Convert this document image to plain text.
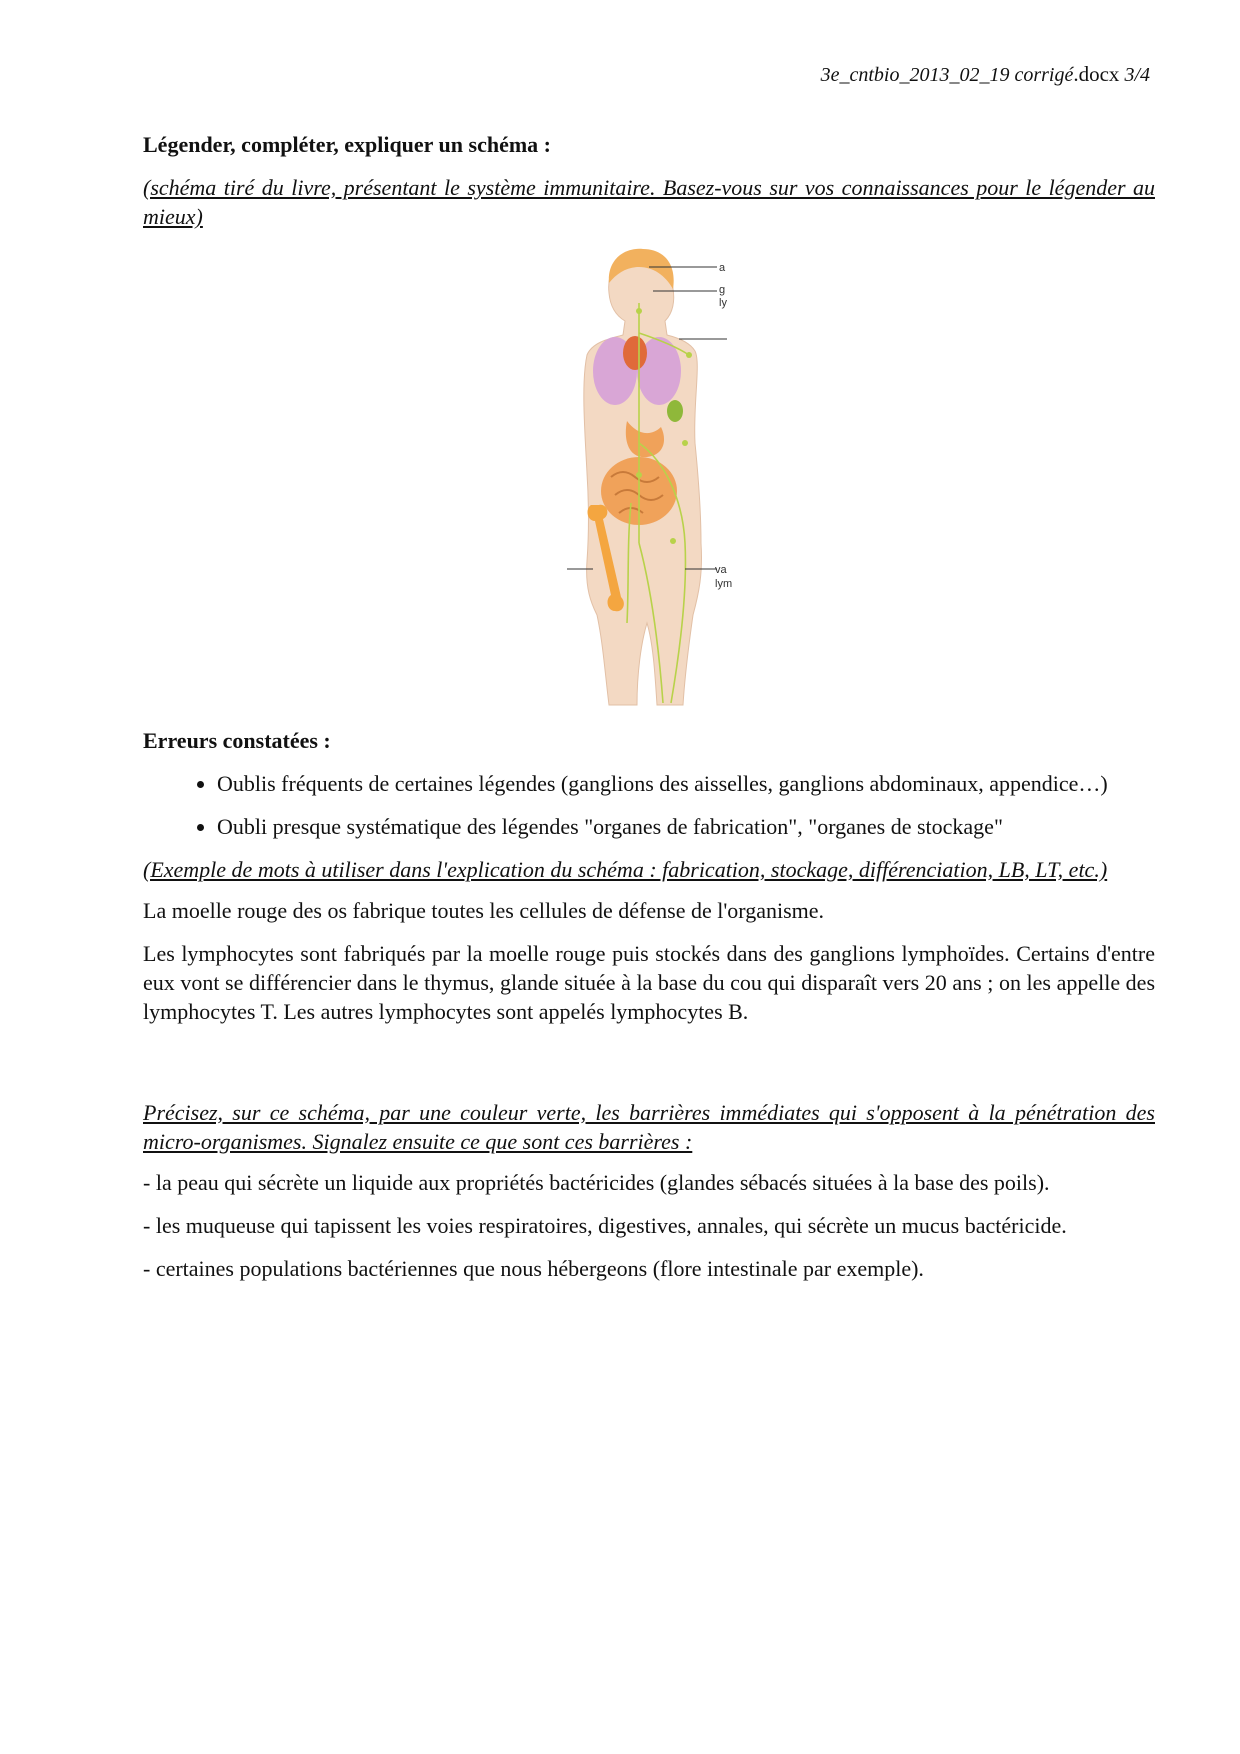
3e_cntbio_2013_02_19 corrigé.docx 3/4
Légender, compléter, expliquer un schéma :

(schéma tiré du livre, présentant le système immunitaire. Basez-vous sur vos connaissances pour le légender au mieux)

a
g
ly
va
lym
Erreurs constatées :
• Oublis fréquents de certaines légendes (ganglions des aisselles, ganglions abdominaux, appendice…)
• Oubli presque systématique des légendes "organes de fabrication", "organes de stockage"

(Exemple de mots à utiliser dans l'explication du schéma : fabrication, stockage, différenciation, LB, LT, etc.)

La moelle rouge des os fabrique toutes les cellules de défense de l'organisme.

Les lymphocytes sont fabriqués par la moelle rouge puis stockés dans des ganglions lymphoïdes. Certains d'entre eux vont se différencier dans le thymus, glande située à la base du cou qui disparaît vers 20 ans ; on les appelle des lymphocytes T. Les autres lymphocytes sont appelés lymphocytes B.

Précisez, sur ce schéma, par une couleur verte, les barrières immédiates qui s'opposent à la pénétration des micro-organismes. Signalez ensuite ce que sont ces barrières :

- la peau qui sécrète un liquide aux propriétés bactéricides (glandes sébacés situées à la base des poils).

- les muqueuse qui tapissent les voies respiratoires, digestives, annales, qui sécrète un mucus bactéricide.

- certaines populations bactériennes que nous hébergeons (flore intestinale par exemple).
